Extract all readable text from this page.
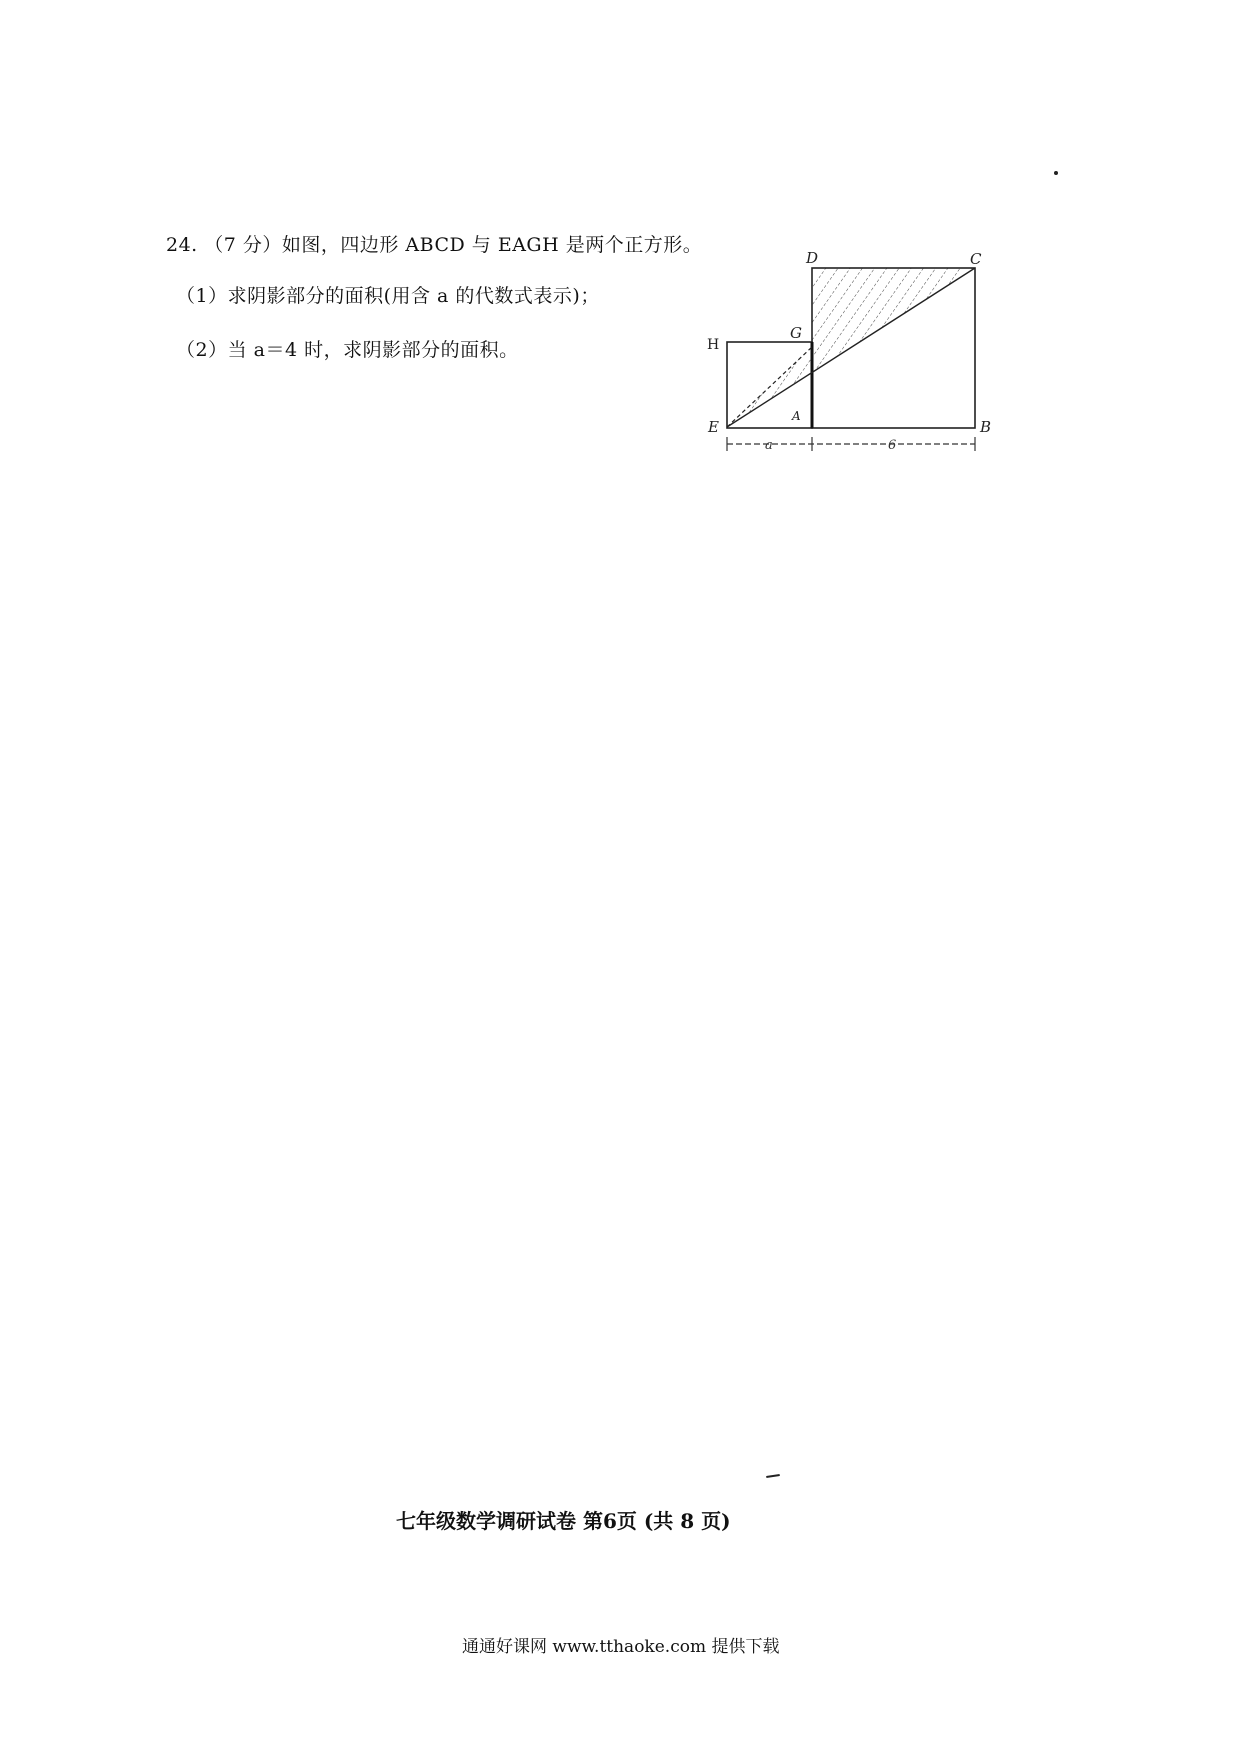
24. （7 分）如图，四边形 ABCD 与 EAGH 是两个正方形。
（1）求阴影部分的面积(用含 a 的代数式表示)；
（2）当 a＝4 时，求阴影部分的面积。
D	C
H
G
E
A
B
a	6
七年级数学调研试卷 第6页 (共 8 页)
通通好课网 www.tthaoke.com 提供下载
